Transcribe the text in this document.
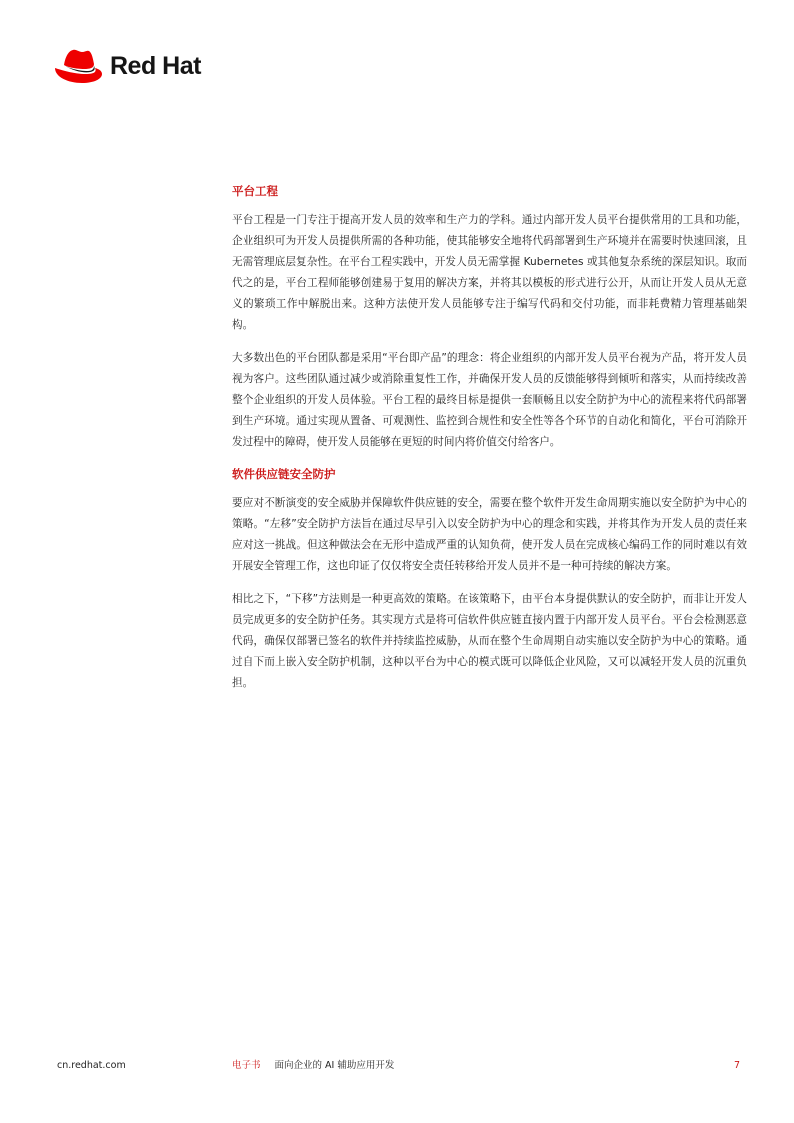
Red Hat
平台工程

平台工程是一门专注于提高开发人员的效率和生产力的学科。通过内部开发人员平台提供常用的工具和功能，企业组织可为开发人员提供所需的各种功能，使其能够安全地将代码部署到生产环境并在需要时快速回滚，且无需管理底层复杂性。在平台工程实践中，开发人员无需掌握 Kubernetes 或其他复杂系统的深层知识。取而代之的是，平台工程师能够创建易于复用的解决方案，并将其以模板的形式进行公开，从而让开发人员从无意义的繁琐工作中解脱出来。这种方法使开发人员能够专注于编写代码和交付功能，而非耗费精力管理基础架构。

大多数出色的平台团队都是采用“平台即产品”的理念：将企业组织的内部开发人员平台视为产品，将开发人员视为客户。这些团队通过减少或消除重复性工作，并确保开发人员的反馈能够得到倾听和落实，从而持续改善整个企业组织的开发人员体验。平台工程的最终目标是提供一套顺畅且以安全防护为中心的流程来将代码部署到生产环境。通过实现从置备、可观测性、监控到合规性和安全性等各个环节的自动化和简化，平台可消除开发过程中的障碍，使开发人员能够在更短的时间内将价值交付给客户。

软件供应链安全防护

要应对不断演变的安全威胁并保障软件供应链的安全，需要在整个软件开发生命周期实施以安全防护为中心的策略。“左移”安全防护方法旨在通过尽早引入以安全防护为中心的理念和实践，并将其作为开发人员的责任来应对这一挑战。但这种做法会在无形中造成严重的认知负荷，使开发人员在完成核心编码工作的同时难以有效开展安全管理工作，这也印证了仅仅将安全责任转移给开发人员并不是一种可持续的解决方案。

相比之下，“下移”方法则是一种更高效的策略。在该策略下，由平台本身提供默认的安全防护，而非让开发人员完成更多的安全防护任务。其实现方式是将可信软件供应链直接内置于内部开发人员平台。平台会检测恶意代码，确保仅部署已签名的软件并持续监控威胁，从而在整个生命周期自动实施以安全防护为中心的策略。通过自下而上嵌入安全防护机制，这种以平台为中心的模式既可以降低企业风险，又可以减轻开发人员的沉重负担。

cn.redhat.com	电子书 面向企业的 AI 辅助应用开发	7
